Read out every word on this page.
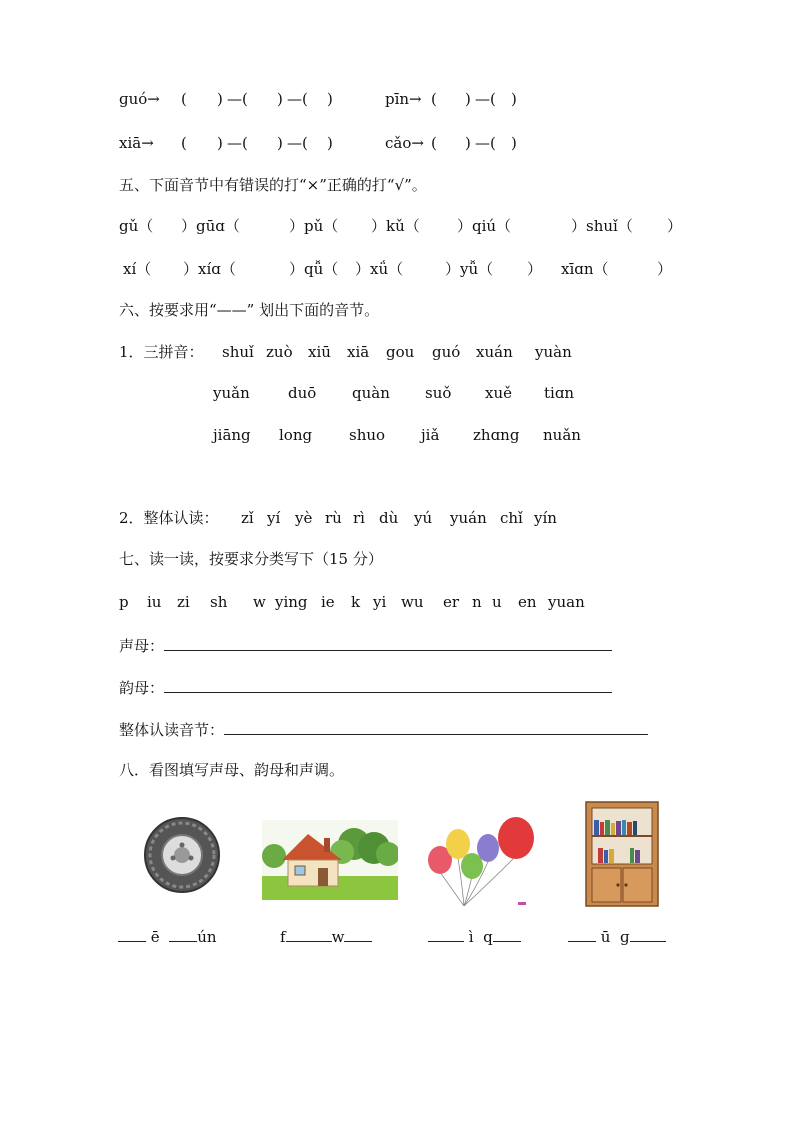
ɡuó→ ( ) —( ) —( )	pīn→ ( ) —( )
xiā→ ( ) —( ) —( )	cǎo→ ( ) —( )
五、下面音节中有错误的打“×”正确的打“√”。
gǔ（ ）gūɑ（	）pǔ（ ）kǔ（ ）qiú（	）shuǐ（ ）
xí（ ）xíɑ（	）qǚ（ ）xǘ（	）yǚ（ ） xīɑn（	）
六、按要求用“——” 划出下面的音节。
1．三拼音： shuǐ zuò xiū xiā gou guó xuán yuàn
yuǎn	duō quàn suǒ xuě tiɑn
jiāng long shuo jiǎ zhɑng nuǎn
2．整体认读： zǐ yí yè rù rì dù yú yuán chǐ yín
七、读一读，按要求分类写下（15 分）
p iu zi sh w ying ie k yi wu er n u en yuan
声母：
韵母：
整体认读音节：
八．看图填写声母、韵母和声调。
ē	ún	f	w	ì q	ū ɡ
